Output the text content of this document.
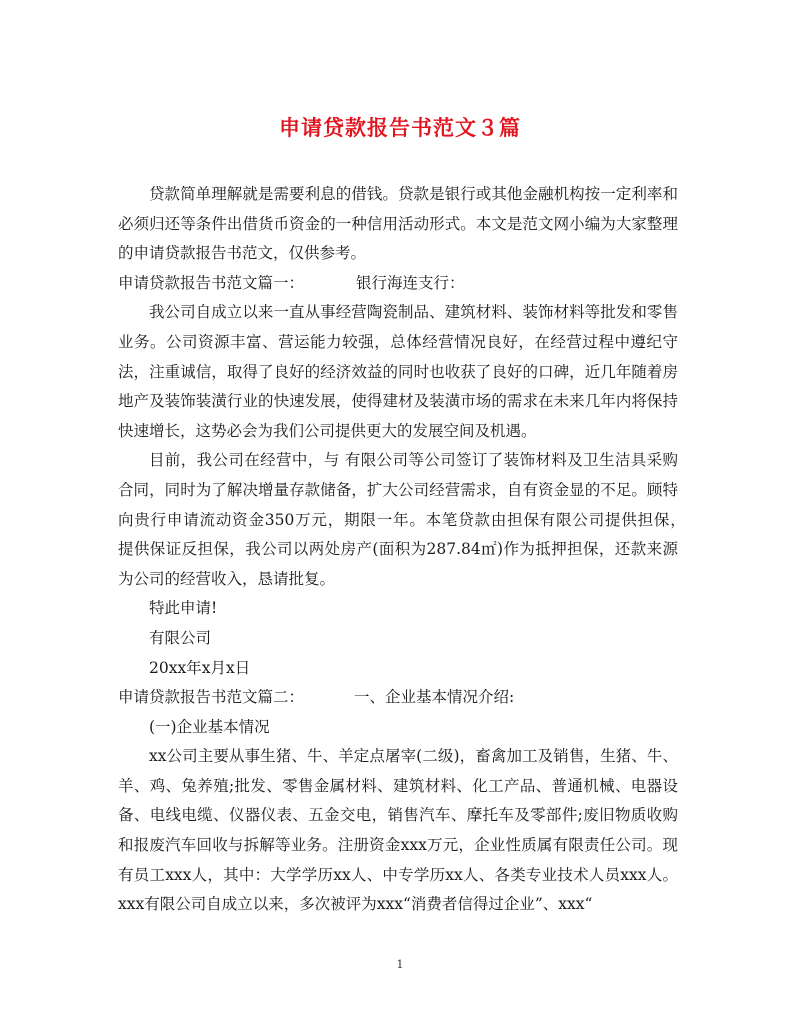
申请贷款报告书范文３篇

贷款简单理解就是需要利息的借钱。贷款是银行或其他金融机构按一定利率和必须归还等条件出借货币资金的一种信用活动形式。本文是范文网小编为大家整理的申请贷款报告书范文，仅供参考。

申请贷款报告书范文篇一：	银行海连支行：

我公司自成立以来一直从事经营陶瓷制品、建筑材料、装饰材料等批发和零售业务。公司资源丰富、营运能力较强，总体经营情况良好，在经营过程中遵纪守法，注重诚信，取得了良好的经济效益的同时也收获了良好的口碑，近几年随着房地产及装饰装潢行业的快速发展，使得建材及装潢市场的需求在未来几年内将保持快速增长，这势必会为我们公司提供更大的发展空间及机遇。

目前，我公司在经营中，与 有限公司等公司签订了装饰材料及卫生洁具采购合同，同时为了解决增量存款储备，扩大公司经营需求，自有资金显的不足。顾特向贵行申请流动资金350万元，期限一年。本笔贷款由担保有限公司提供担保，　提供保证反担保，我公司以两处房产(面积为287.84㎡)作为抵押担保，还款来源为公司的经营收入，恳请批复。

特此申请!

有限公司

20xx年x月x日

申请贷款报告书范文篇二：	一、企业基本情况介绍:

(一)企业基本情况

xx公司主要从事生猪、牛、羊定点屠宰(二级)，畜禽加工及销售，生猪、牛、羊、鸡、兔养殖;批发、零售金属材料、建筑材料、化工产品、普通机械、电器设备、电线电缆、仪器仪表、五金交电，销售汽车、摩托车及零部件;废旧物质收购和报废汽车回收与拆解等业务。注册资金xxx万元，企业性质属有限责任公司。现有员工xxx人，其中：大学学历xx人、中专学历xx人、各类专业技术人员xxx人。xxx有限公司自成立以来，多次被评为xxx“消费者信得过企业”、xxx“

1
